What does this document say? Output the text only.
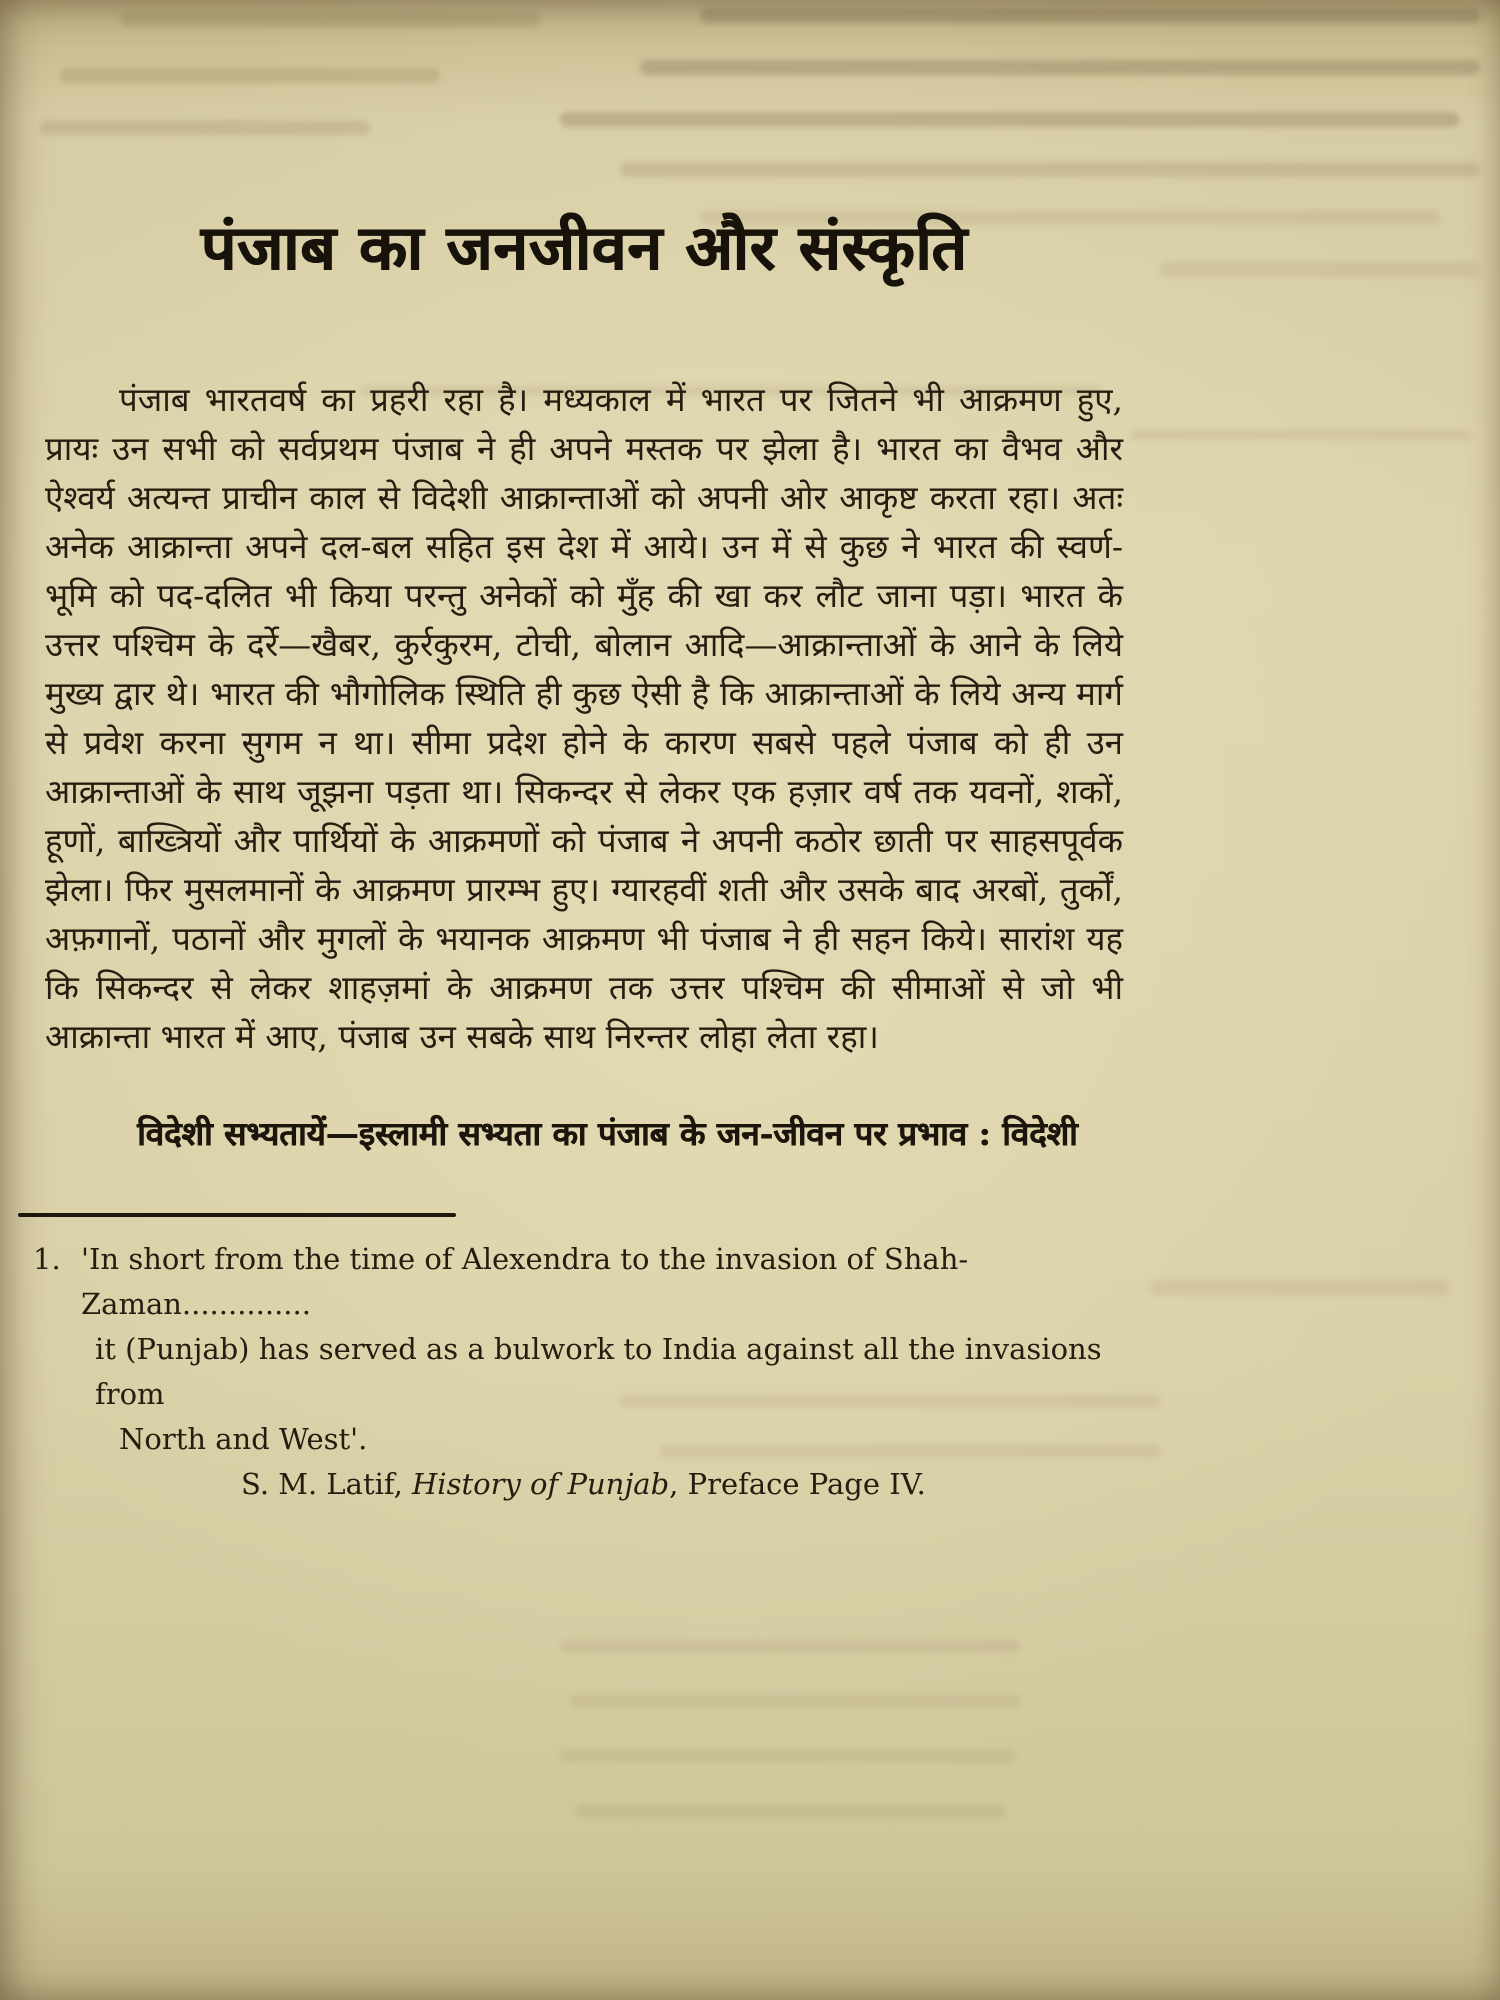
पंजाब का जनजीवन और संस्कृति

पंजाब भारतवर्ष का प्रहरी रहा है। मध्यकाल में भारत पर जितने भी आक्रमण हुए, प्रायः उन सभी को सर्वप्रथम पंजाब ने ही अपने मस्तक पर झेला है। भारत का वैभव और ऐश्वर्य अत्यन्त प्राचीन काल से विदेशी आक्रान्ताओं को अपनी ओर आकृष्ट करता रहा। अतः अनेक आक्रान्ता अपने दल-बल सहित इस देश में आये। उन में से कुछ ने भारत की स्वर्ण-भूमि को पद-दलित भी किया परन्तु अनेकों को मुँह की खा कर लौट जाना पड़ा। भारत के उत्तर पश्चिम के दर्रे—खैबर, कुर्रकुरम, टोची, बोलान आदि—आक्रान्ताओं के आने के लिये मुख्य द्वार थे। भारत की भौगोलिक स्थिति ही कुछ ऐसी है कि आक्रान्ताओं के लिये अन्य मार्ग से प्रवेश करना सुगम न था। सीमा प्रदेश होने के कारण सबसे पहले पंजाब को ही उन आक्रान्ताओं के साथ जूझना पड़ता था। सिकन्दर से लेकर एक हज़ार वर्ष तक यवनों, शकों, हूणों, बाख्त्रियों और पार्थियों के आक्रमणों को पंजाब ने अपनी कठोर छाती पर साहसपूर्वक झेला। फिर मुसलमानों के आक्रमण प्रारम्भ हुए। ग्यारहवीं शती और उसके बाद अरबों, तुर्कों, अफ़गानों, पठानों और मुगलों के भयानक आक्रमण भी पंजाब ने ही सहन किये। सारांश यह कि सिकन्दर से लेकर शाहज़मां के आक्रमण तक उत्तर पश्चिम की सीमाओं से जो भी आक्रान्ता भारत में आए, पंजाब उन सबके साथ निरन्तर लोहा लेता रहा।

विदेशी सभ्यतायें—इस्लामी सभ्यता का पंजाब के जन-जीवन पर प्रभाव : विदेशी
1. 'In short from the time of Alexendra to the invasion of Shah-Zaman..............
it (Punjab) has served as a bulwork to India against all the invasions from
North and West'.
S. M. Latif, History of Punjab, Preface Page IV.
